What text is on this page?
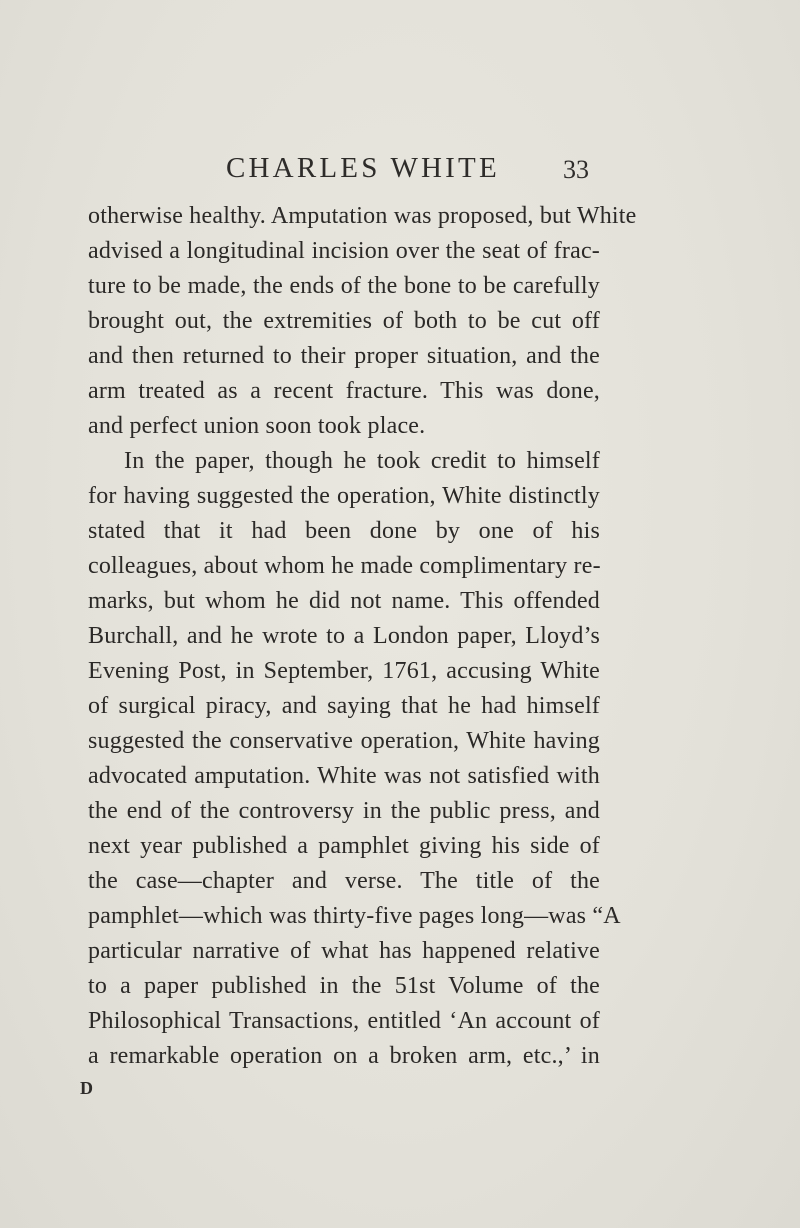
CHARLES WHITE 33
otherwise healthy. Amputation was proposed, but White
advised a longitudinal incision over the seat of frac-
ture to be made, the ends of the bone to be carefully
brought out, the extremities of both to be cut off
and then returned to their proper situation, and the
arm treated as a recent fracture. This was done,
and perfect union soon took place.
In the paper, though he took credit to himself
for having suggested the operation, White distinctly
stated that it had been done by one of his
colleagues, about whom he made complimentary re-
marks, but whom he did not name. This offended
Burchall, and he wrote to a London paper, Lloyd’s
Evening Post, in September, 1761, accusing White
of surgical piracy, and saying that he had himself
suggested the conservative operation, White having
advocated amputation. White was not satisfied with
the end of the controversy in the public press, and
next year published a pamphlet giving his side of
the case—chapter and verse. The title of the
pamphlet—which was thirty-five pages long—was “A
particular narrative of what has happened relative
to a paper published in the 51st Volume of the
Philosophical Transactions, entitled ‘An account of
a remarkable operation on a broken arm, etc.,’ in
D
